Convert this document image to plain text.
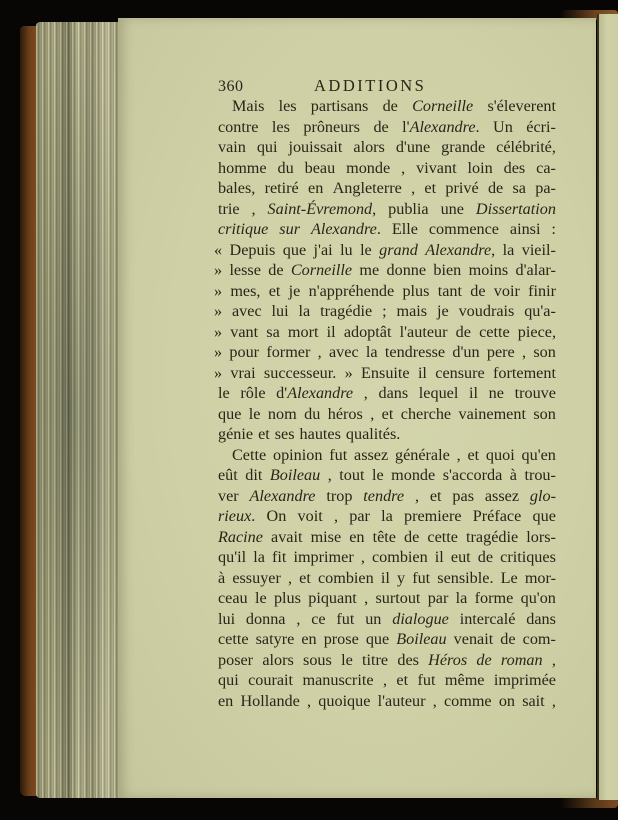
360	ADDITIONS
Mais les partisans de Corneille s'éleverent
contre les prôneurs de l'Alexandre. Un écri-
vain qui jouissait alors d'une grande célébrité,
homme du beau monde , vivant loin des ca-
bales, retiré en Angleterre , et privé de sa pa-
trie , Saint-Évremond, publia une Dissertation
critique sur Alexandre. Elle commence ainsi :
« Depuis que j'ai lu le grand Alexandre, la vieil-
» lesse de Corneille me donne bien moins d'alar-
» mes, et je n'appréhende plus tant de voir finir
» avec lui la tragédie ; mais je voudrais qu'a-
» vant sa mort il adoptât l'auteur de cette piece,
» pour former , avec la tendresse d'un pere , son
» vrai successeur. » Ensuite il censure fortement
le rôle d'Alexandre , dans lequel il ne trouve
que le nom du héros , et cherche vainement son
génie et ses hautes qualités.
Cette opinion fut assez générale , et quoi qu'en
eût dit Boileau , tout le monde s'accorda à trou-
ver Alexandre trop tendre , et pas assez glo-
rieux. On voit , par la premiere Préface que
Racine avait mise en tête de cette tragédie lors-
qu'il la fit imprimer , combien il eut de critiques
à essuyer , et combien il y fut sensible. Le mor-
ceau le plus piquant , surtout par la forme qu'on
lui donna , ce fut un dialogue intercalé dans
cette satyre en prose que Boileau venait de com-
poser alors sous le titre des Héros de roman ,
qui courait manuscrite , et fut même imprimée
en Hollande , quoique l'auteur , comme on sait ,
